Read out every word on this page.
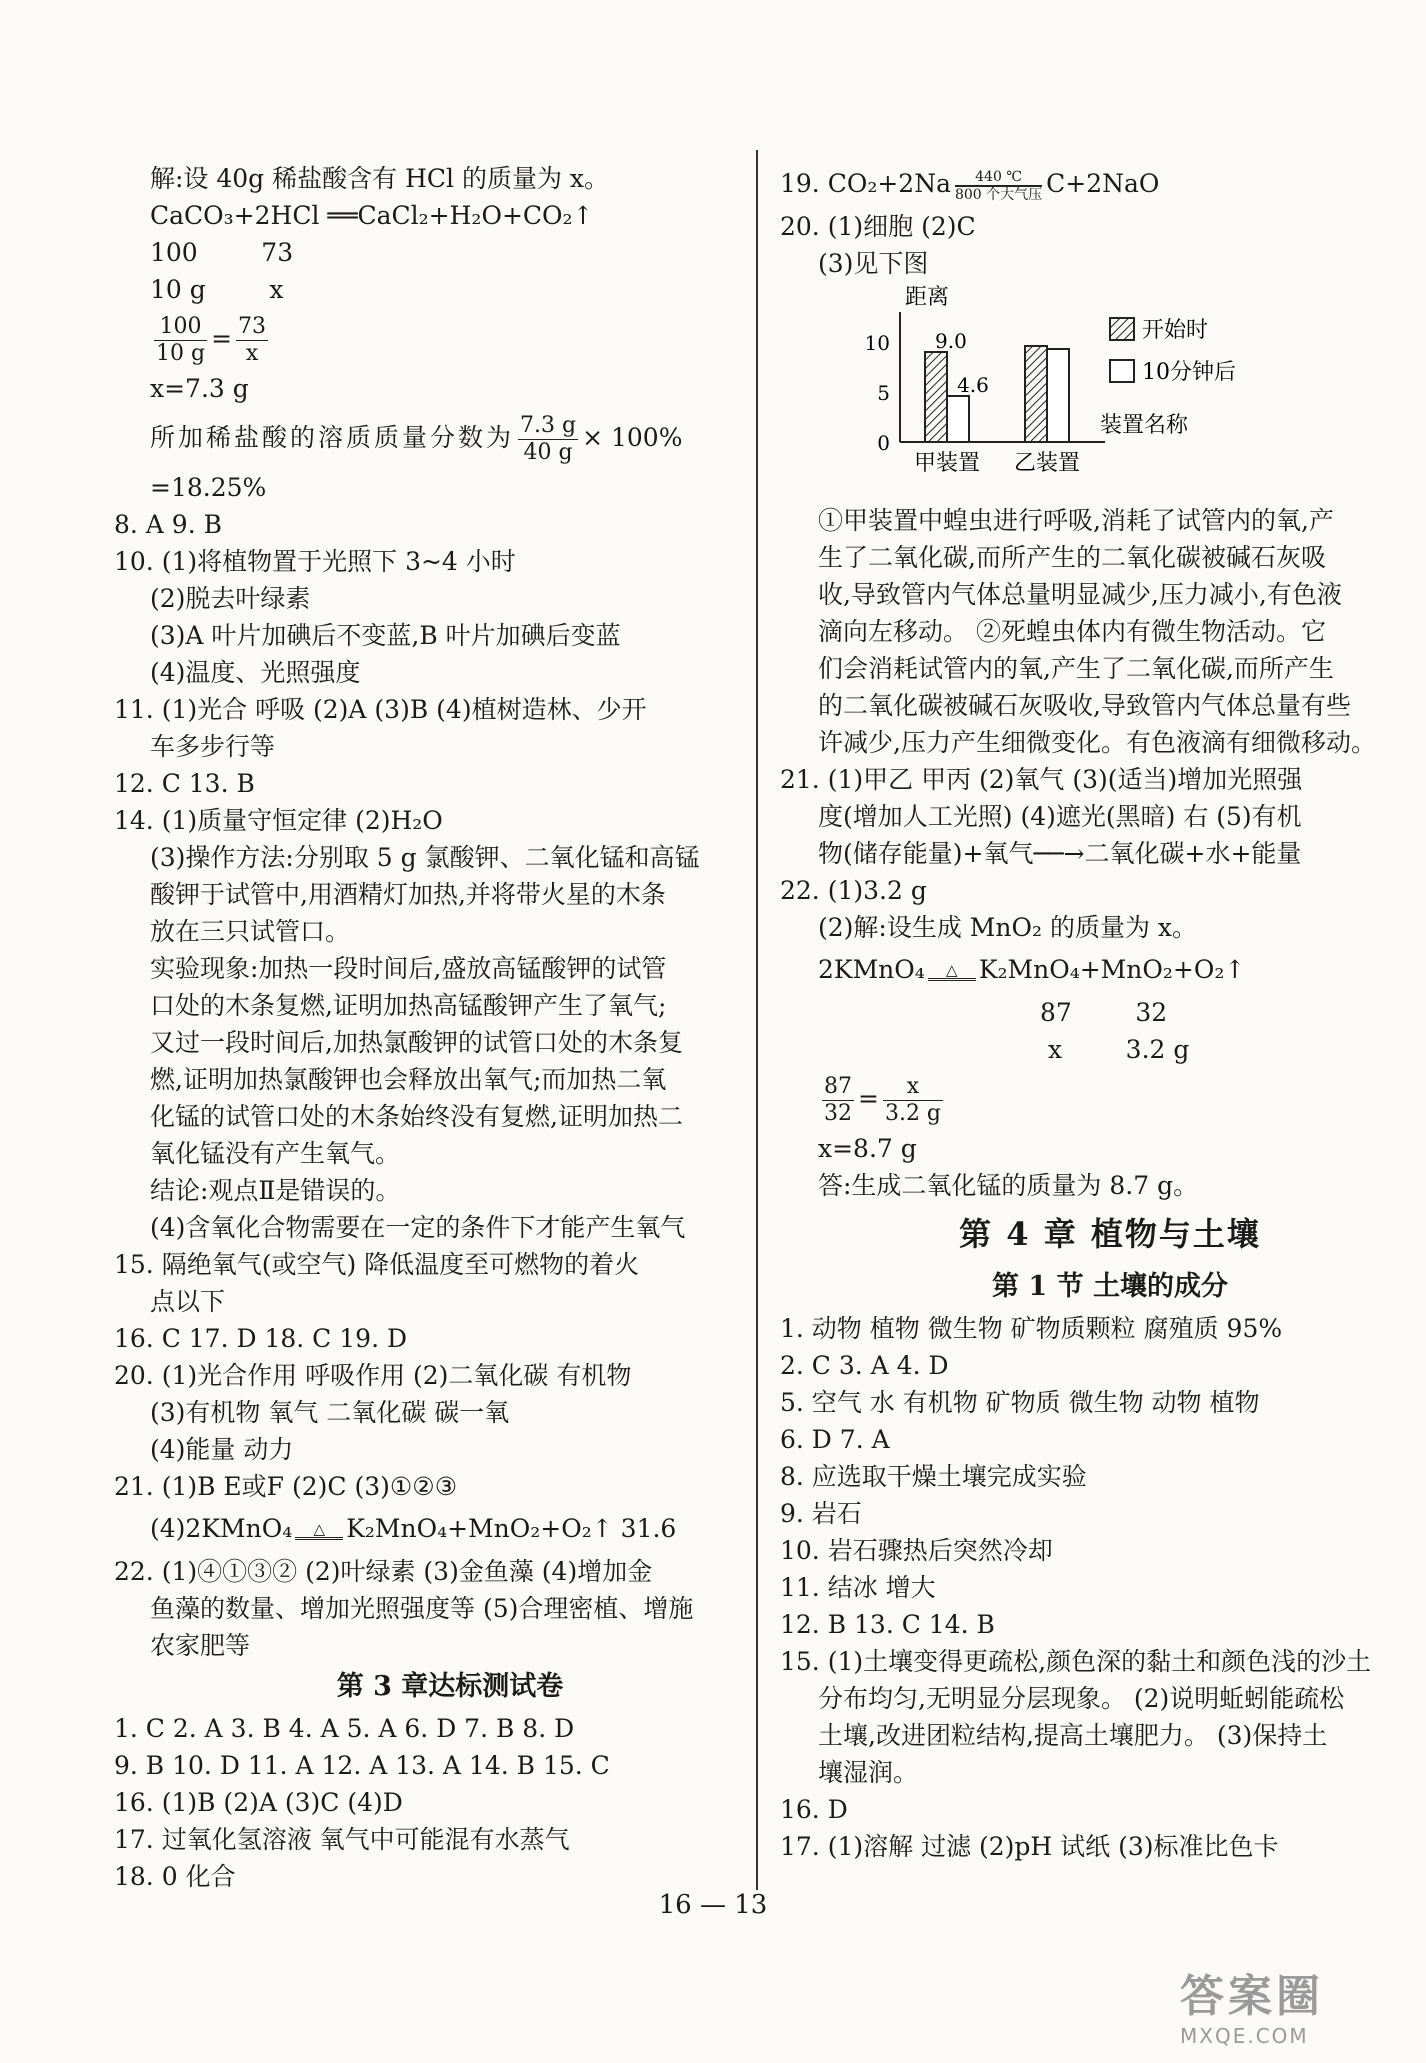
解:设 40g 稀盐酸含有 HCl 的质量为 x。
CaCO₃+2HCl ══CaCl₂+H₂O+CO₂↑
100        73
10 g        x
$\frac{100}{10 g} = \frac{73}{x}$
x=7.3 g
所加稀盐酸的溶质质量分数为 $\frac{7.3 g}{40 g} \times 100\%$
=18.25%
8. A 9. B
10. (1)将植物置于光照下 3~4 小时
(2)脱去叶绿素
(3)A 叶片加碘后不变蓝,B 叶片加碘后变蓝
(4)温度、光照强度
11. (1)光合 呼吸 (2)A (3)B (4)植树造林、少开
车多步行等
12. C 13. B
14. (1)质量守恒定律 (2)H₂O
(3)操作方法:分别取 5 g 氯酸钾、二氧化锰和高锰
酸钾于试管中,用酒精灯加热,并将带火星的木条
放在三只试管口。
实验现象:加热一段时间后,盛放高锰酸钾的试管
口处的木条复燃,证明加热高锰酸钾产生了氧气;
又过一段时间后,加热氯酸钾的试管口处的木条复
燃,证明加热氯酸钾也会释放出氧气;而加热二氧
化锰的试管口处的木条始终没有复燃,证明加热二
氧化锰没有产生氧气。
结论:观点Ⅱ是错误的。
(4)含氧化合物需要在一定的条件下才能产生氧气
15. 隔绝氧气(或空气) 降低温度至可燃物的着火
点以下
16. C 17. D 18. C 19. D
20. (1)光合作用 呼吸作用 (2)二氧化碳 有机物
(3)有机物 氧气 二氧化碳 碳一氧
(4)能量 动力
21. (1)B E或F (2)C (3)①②③
(4)2KMnO₄	△ K₂MnO₄+MnO₂+O₂↑ 31.6
22. (1)④①③② (2)叶绿素 (3)金鱼藻 (4)增加金
鱼藻的数量、增加光照强度等 (5)合理密植、增施
农家肥等
第 3 章达标测试卷
1. C 2. A 3. B 4. A 5. A 6. D 7. B 8. D
9. B 10. D 11. A 12. A 13. A 14. B 15. C
16. (1)B (2)A (3)C (4)D
17. 过氧化氢溶液 氧气中可能混有水蒸气
18. 0 化合
19. CO₂+2Na	440 ℃
800 个大气压 C+2NaO
20. (1)细胞 (2)C
(3)见下图
距离
0
5
10 9.0
4.6
甲装置 乙装置
开始时
10分钟后
装置名称
①甲装置中蝗虫进行呼吸,消耗了试管内的氧,产
生了二氧化碳,而所产生的二氧化碳被碱石灰吸
收,导致管内气体总量明显减少,压力减小,有色液
滴向左移动。 ②死蝗虫体内有微生物活动。它
们会消耗试管内的氧,产生了二氧化碳,而所产生
的二氧化碳被碱石灰吸收,导致管内气体总量有些
许减少,压力产生细微变化。有色液滴有细微移动。
21. (1)甲乙 甲丙 (2)氧气 (3)(适当)增加光照强
度(增加人工光照) (4)遮光(黑暗) 右 (5)有机
物(储存能量)+氧气──→二氧化碳+水+能量
22. (1)3.2 g
(2)解:设生成 MnO₂ 的质量为 x。
2KMnO₄	△ K₂MnO₄+MnO₂+O₂↑
87        32
x        3.2 g
$\frac{87}{32} = \frac{x}{3.2 g}$
x=8.7 g
答:生成二氧化锰的质量为 8.7 g。
第 4 章 植物与土壤
第 1 节 土壤的成分
1. 动物 植物 微生物 矿物质颗粒 腐殖质 95%
2. C 3. A 4. D
5. 空气 水 有机物 矿物质 微生物 动物 植物
6. D 7. A
8. 应选取干燥土壤完成实验
9. 岩石
10. 岩石骤热后突然冷却
11. 结冰 增大
12. B 13. C 14. B
15. (1)土壤变得更疏松,颜色深的黏土和颜色浅的沙土
分布均匀,无明显分层现象。 (2)说明蚯蚓能疏松
土壤,改进团粒结构,提高土壤肥力。 (3)保持土
壤湿润。
16. D
17. (1)溶解 过滤 (2)pH 试纸 (3)标准比色卡
16 — 13
答案圈
MXQE.COM
